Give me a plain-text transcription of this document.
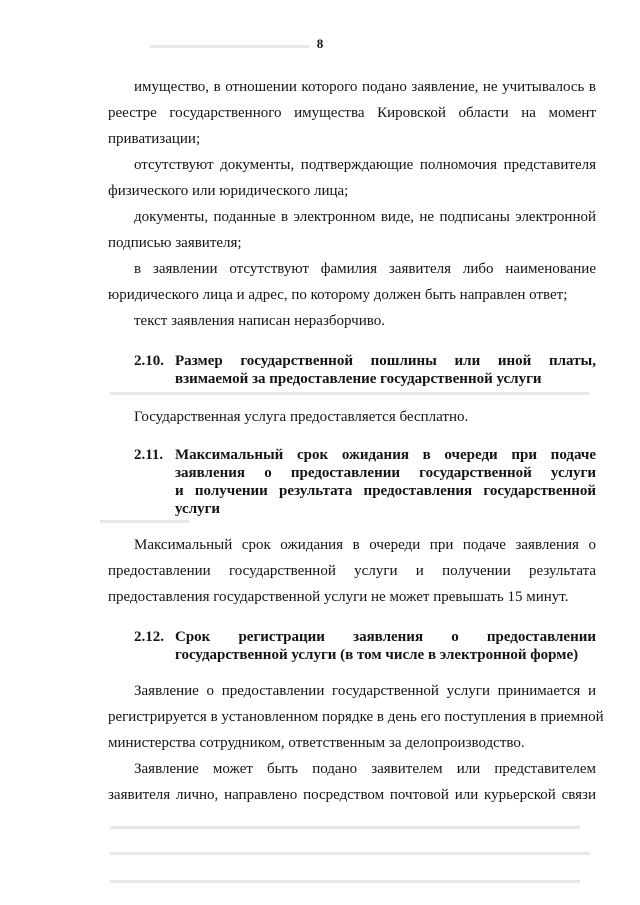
8
имущество, в отношении которого подано заявление, не учитывалось в
реестре государственного имущества Кировской области на момент
приватизации;
отсутствуют документы, подтверждающие полномочия представителя
физического или юридического лица;
документы, поданные в электронном виде, не подписаны электронной
подписью заявителя;
в заявлении отсутствуют фамилия заявителя либо наименование
юридического лица и адрес, по которому должен быть направлен ответ;
текст заявления написан неразборчиво.
2.10. Размер государственной пошлины или иной платы,
взимаемой за предоставление государственной услуги
Государственная услуга предоставляется бесплатно.
2.11. Максимальный срок ожидания в очереди при подаче
заявления о предоставлении государственной услуги
и получении результата предоставления государственной
услуги
Максимальный срок ожидания в очереди при подаче заявления о
предоставлении государственной услуги и получении результата
предоставления государственной услуги не может превышать 15 минут.
2.12. Срок регистрации заявления о предоставлении
государственной услуги (в том числе в электронной форме)
Заявление о предоставлении государственной услуги принимается и
регистрируется в установленном порядке в день его поступления в приемной
министерства сотрудником, ответственным за делопроизводство.
Заявление может быть подано заявителем или представителем
заявителя лично, направлено посредством почтовой или курьерской связи
